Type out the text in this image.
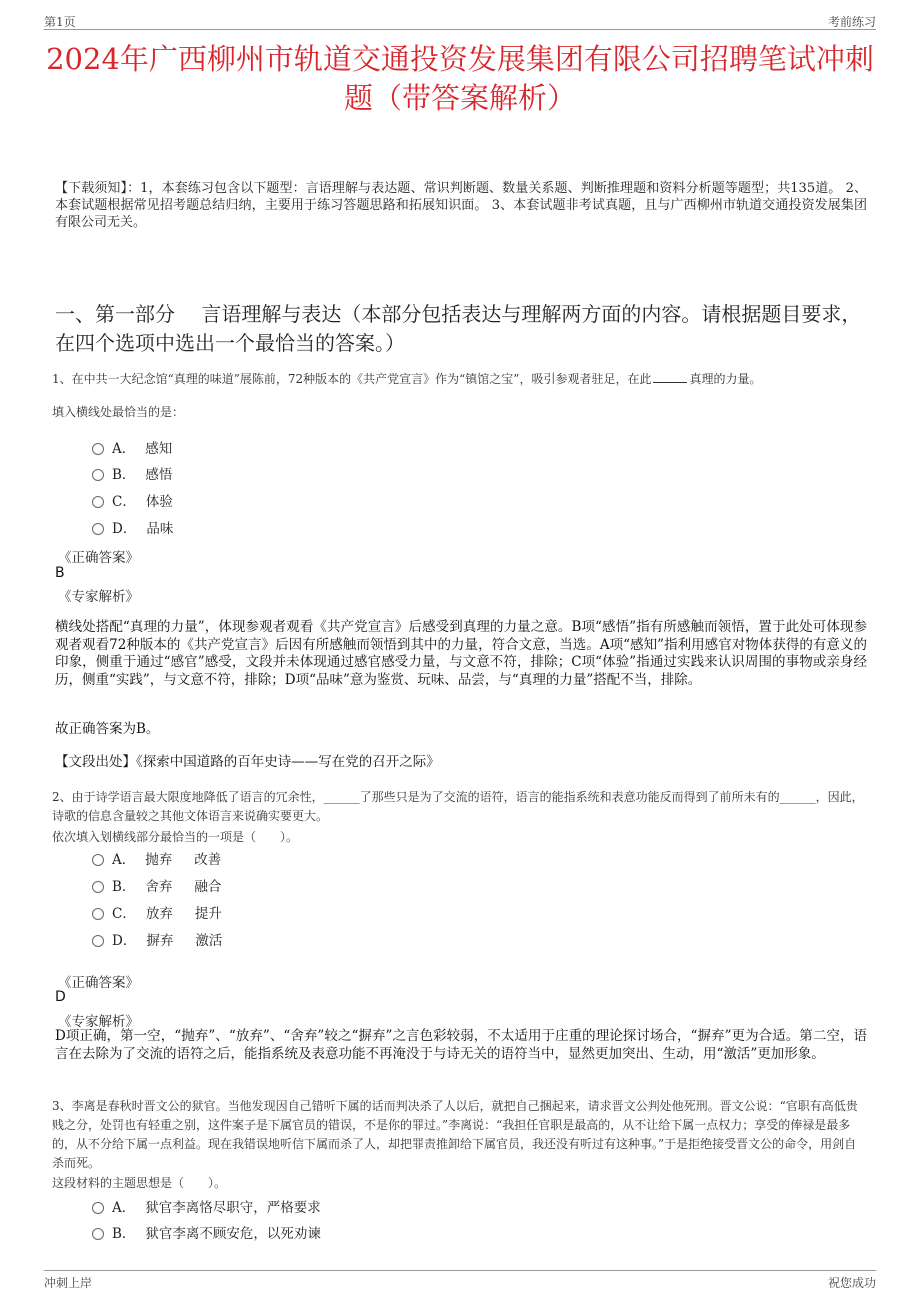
第1页	考前练习
2024年广西柳州市轨道交通投资发展集团有限公司招聘笔试冲刺题（带答案解析）
【下载须知】：1，本套练习包含以下题型：言语理解与表达题、常识判断题、数量关系题、判断推理题和资料分析题等题型；共135道。 2、本套试题根据常见招考题总结归纳，主要用于练习答题思路和拓展知识面。 3、本套试题非考试真题，且与广西柳州市轨道交通投资发展集团有限公司无关。
一、第一部分　 言语理解与表达（本部分包括表达与理解两方面的内容。请根据题目要求，在四个选项中选出一个最恰当的答案。）
1、在中共一大纪念馆“真理的味道”展陈前，72种版本的《共产党宣言》作为“镇馆之宝”，吸引参观者驻足，在此	真理的力量。
填入横线处最恰当的是：
A． 感知
B． 感悟
C． 体验
D． 品味
《正确答案》
B
《专家解析》
横线处搭配“真理的力量”，体现参观者观看《共产党宣言》后感受到真理的力量之意。B项“感悟”指有所感触而领悟，置于此处可体现参观者观看72种版本的《共产党宣言》后因有所感触而领悟到其中的力量，符合文意，当选。A项“感知”指利用感官对物体获得的有意义的印象，侧重于通过“感官”感受，文段并未体现通过感官感受力量，与文意不符，排除；C项“体验”指通过实践来认识周围的事物或亲身经历，侧重“实践”，与文意不符，排除；D项“品味”意为鉴赏、玩味、品尝，与“真理的力量”搭配不当，排除。
故正确答案为B。
【文段出处】《探索中国道路的百年史诗——写在党的召开之际》
2、由于诗学语言最大限度地降低了语言的冗余性，______了那些只是为了交流的语符，语言的能指系统和表意功能反而得到了前所未有的______，因此，诗歌的信息含量较之其他文体语言来说确实要更大。
依次填入划横线部分最恰当的一项是（　　）。
A． 抛弃 改善
B． 舍弃 融合
C． 放弃 提升
D． 摒弃 激活
《正确答案》
D
《专家解析》
D项正确，第一空，“抛弃”、“放弃”、“舍弃”较之“摒弃”之言色彩较弱，不太适用于庄重的理论探讨场合，“摒弃”更为合适。第二空，语言在去除为了交流的语符之后，能指系统及表意功能不再淹没于与诗无关的语符当中，显然更加突出、生动，用“激活”更加形象。
3、李离是春秋时晋文公的狱官。当他发现因自己错听下属的话而判决杀了人以后，就把自己捆起来，请求晋文公判处他死刑。晋文公说：“官职有高低贵贱之分，处罚也有轻重之别，这件案子是下属官员的错误，不是你的罪过。”李离说：“我担任官职是最高的，从不让给下属一点权力；享受的俸禄是最多的，从不分给下属一点利益。现在我错误地听信下属而杀了人，却把罪责推卸给下属官员，我还没有听过有这种事。”于是拒绝接受晋文公的命令，用剑自杀而死。
这段材料的主题思想是（　　）。
A． 狱官李离恪尽职守，严格要求
B． 狱官李离不顾安危，以死劝谏
冲刺上岸	祝您成功
